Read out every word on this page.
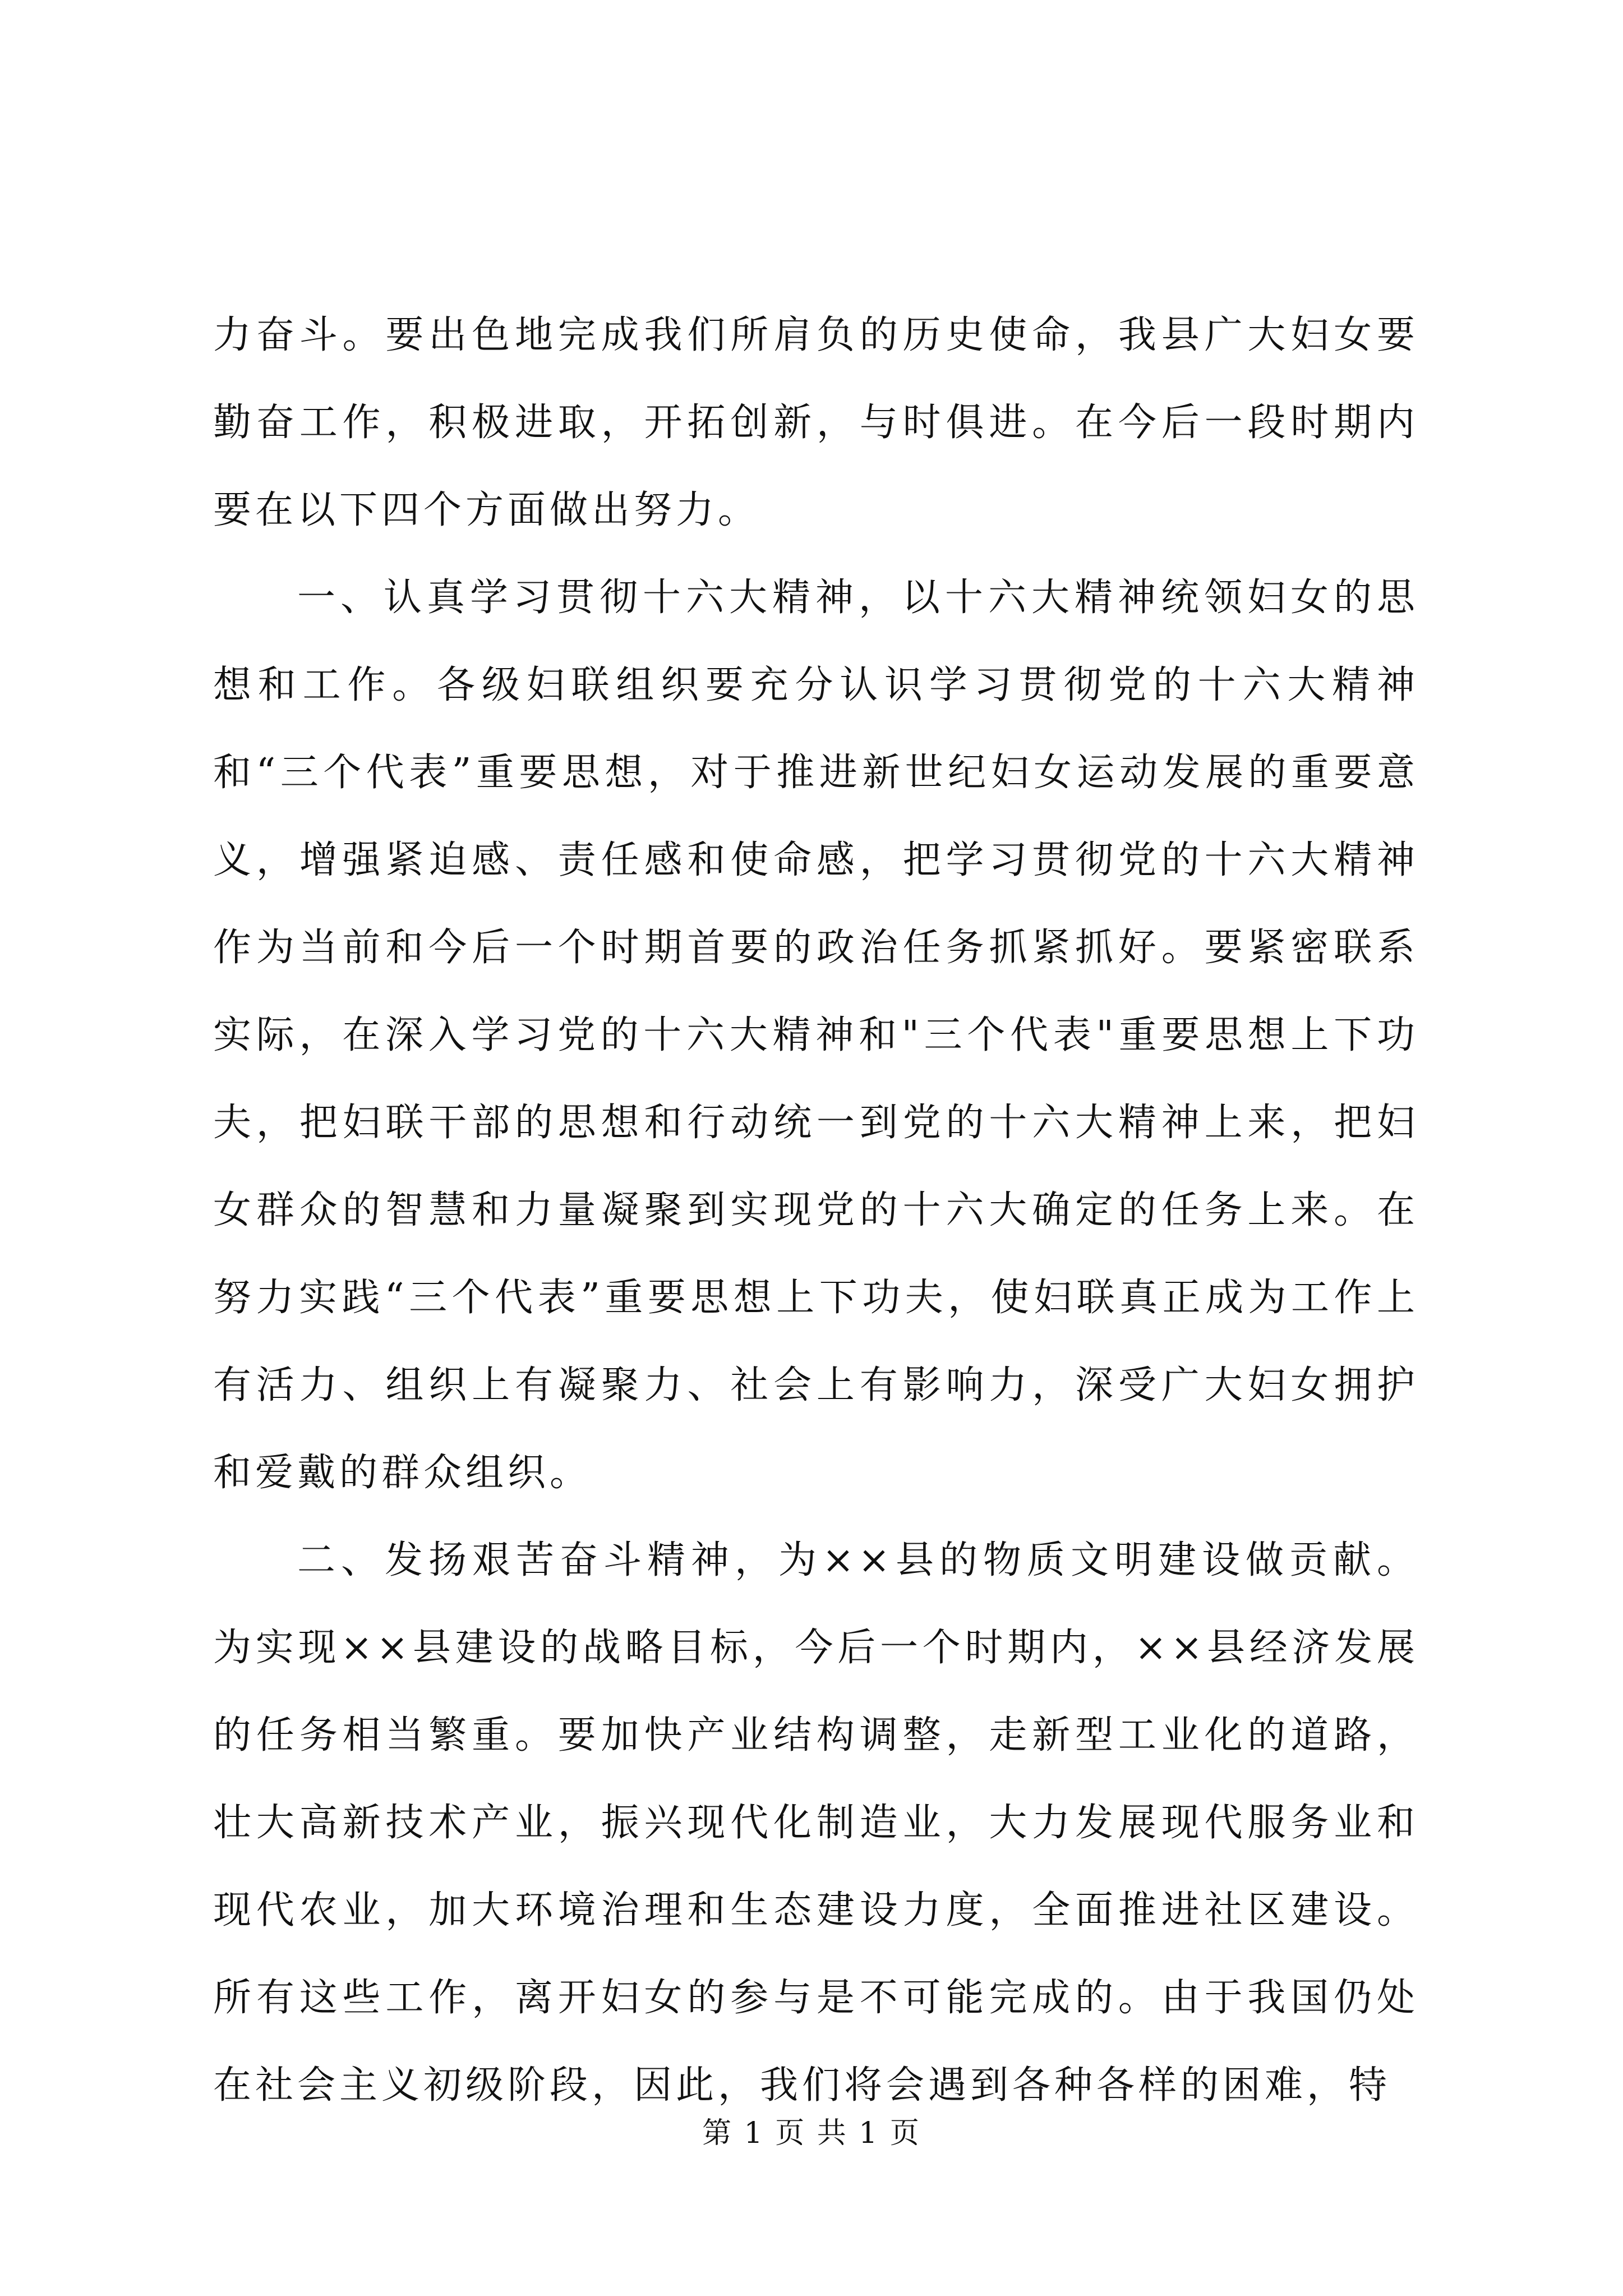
力奋斗。要出色地完成我们所肩负的历史使命，我县广大妇女要勤奋工作，积极进取，开拓创新，与时俱进。在今后一段时期内要在以下四个方面做出努力。

一、认真学习贯彻十六大精神，以十六大精神统领妇女的思想和工作。各级妇联组织要充分认识学习贯彻党的十六大精神和“三个代表”重要思想，对于推进新世纪妇女运动发展的重要意义，增强紧迫感、责任感和使命感，把学习贯彻党的十六大精神作为当前和今后一个时期首要的政治任务抓紧抓好。要紧密联系实际，在深入学习党的十六大精神和"三个代表"重要思想上下功夫，把妇联干部的思想和行动统一到党的十六大精神上来，把妇女群众的智慧和力量凝聚到实现党的十六大确定的任务上来。在努力实践“三个代表”重要思想上下功夫，使妇联真正成为工作上有活力、组织上有凝聚力、社会上有影响力，深受广大妇女拥护和爱戴的群众组织。

二、发扬艰苦奋斗精神，为××县的物质文明建设做贡献。为实现××县建设的战略目标，今后一个时期内，××县经济发展的任务相当繁重。要加快产业结构调整，走新型工业化的道路，壮大高新技术产业，振兴现代化制造业，大力发展现代服务业和现代农业，加大环境治理和生态建设力度，全面推进社区建设。所有这些工作，离开妇女的参与是不可能完成的。由于我国仍处在社会主义初级阶段，因此，我们将会遇到各种各样的困难，特

第 1 页 共 1 页
